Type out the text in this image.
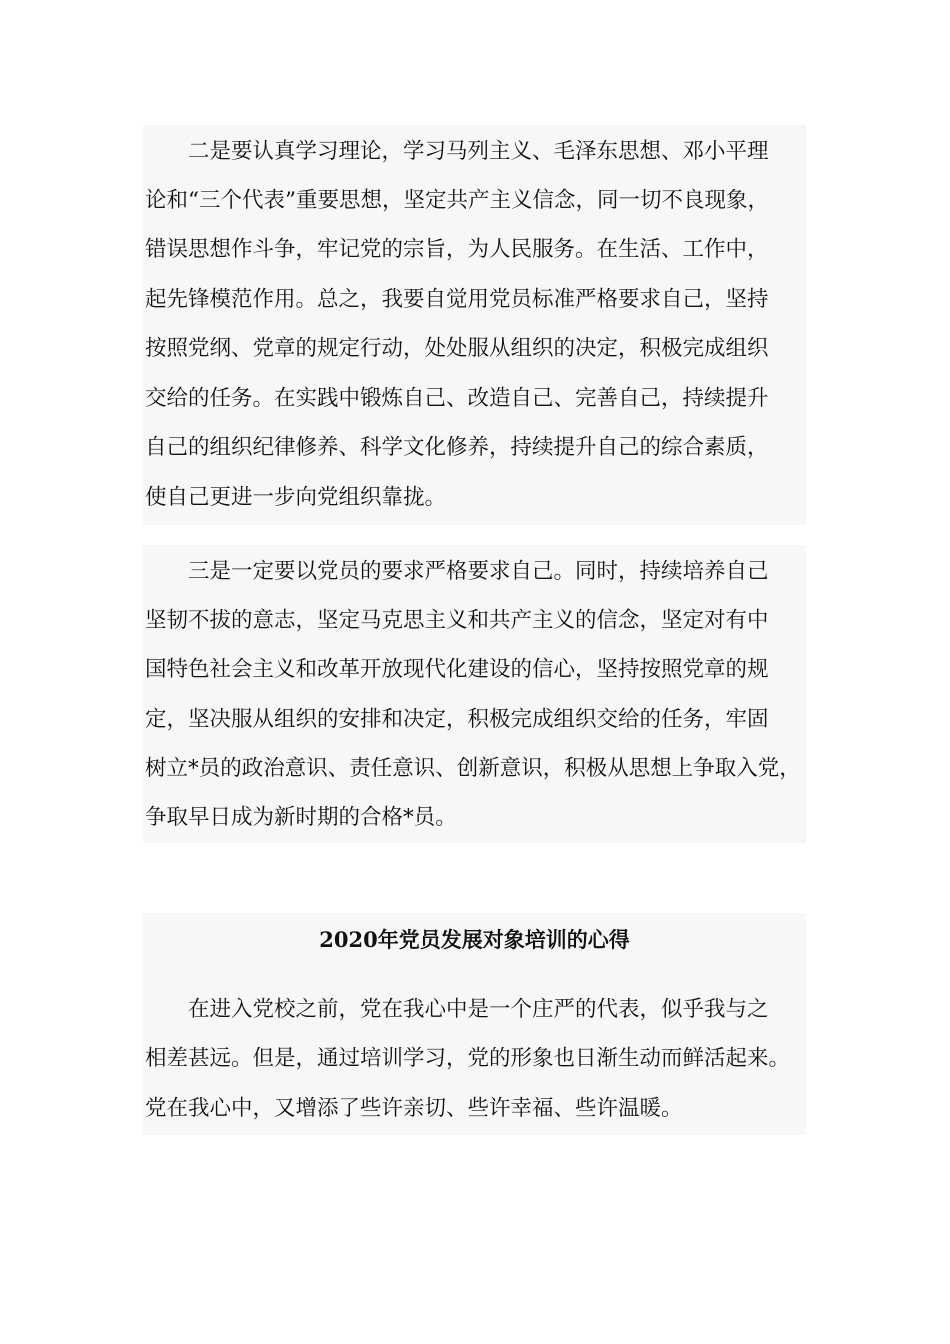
二是要认真学习理论，学习马列主义、毛泽东思想、邓小平理
论和“三个代表”重要思想，坚定共产主义信念，同一切不良现象，
错误思想作斗争，牢记党的宗旨，为人民服务。在生活、工作中，
起先锋模范作用。总之，我要自觉用党员标准严格要求自己，坚持
按照党纲、党章的规定行动，处处服从组织的决定，积极完成组织
交给的任务。在实践中锻炼自己、改造自己、完善自己，持续提升
自己的组织纪律修养、科学文化修养，持续提升自己的综合素质，
使自己更进一步向党组织靠拢。
三是一定要以党员的要求严格要求自己。同时，持续培养自己
坚韧不拔的意志，坚定马克思主义和共产主义的信念，坚定对有中
国特色社会主义和改革开放现代化建设的信心，坚持按照党章的规
定，坚决服从组织的安排和决定，积极完成组织交给的任务，牢固
树立*员的政治意识、责任意识、创新意识，积极从思想上争取入党，
争取早日成为新时期的合格*员。
2020年党员发展对象培训的心得
在进入党校之前，党在我心中是一个庄严的代表，似乎我与之
相差甚远。但是，通过培训学习，党的形象也日渐生动而鲜活起来。
党在我心中，又增添了些许亲切、些许幸福、些许温暖。
